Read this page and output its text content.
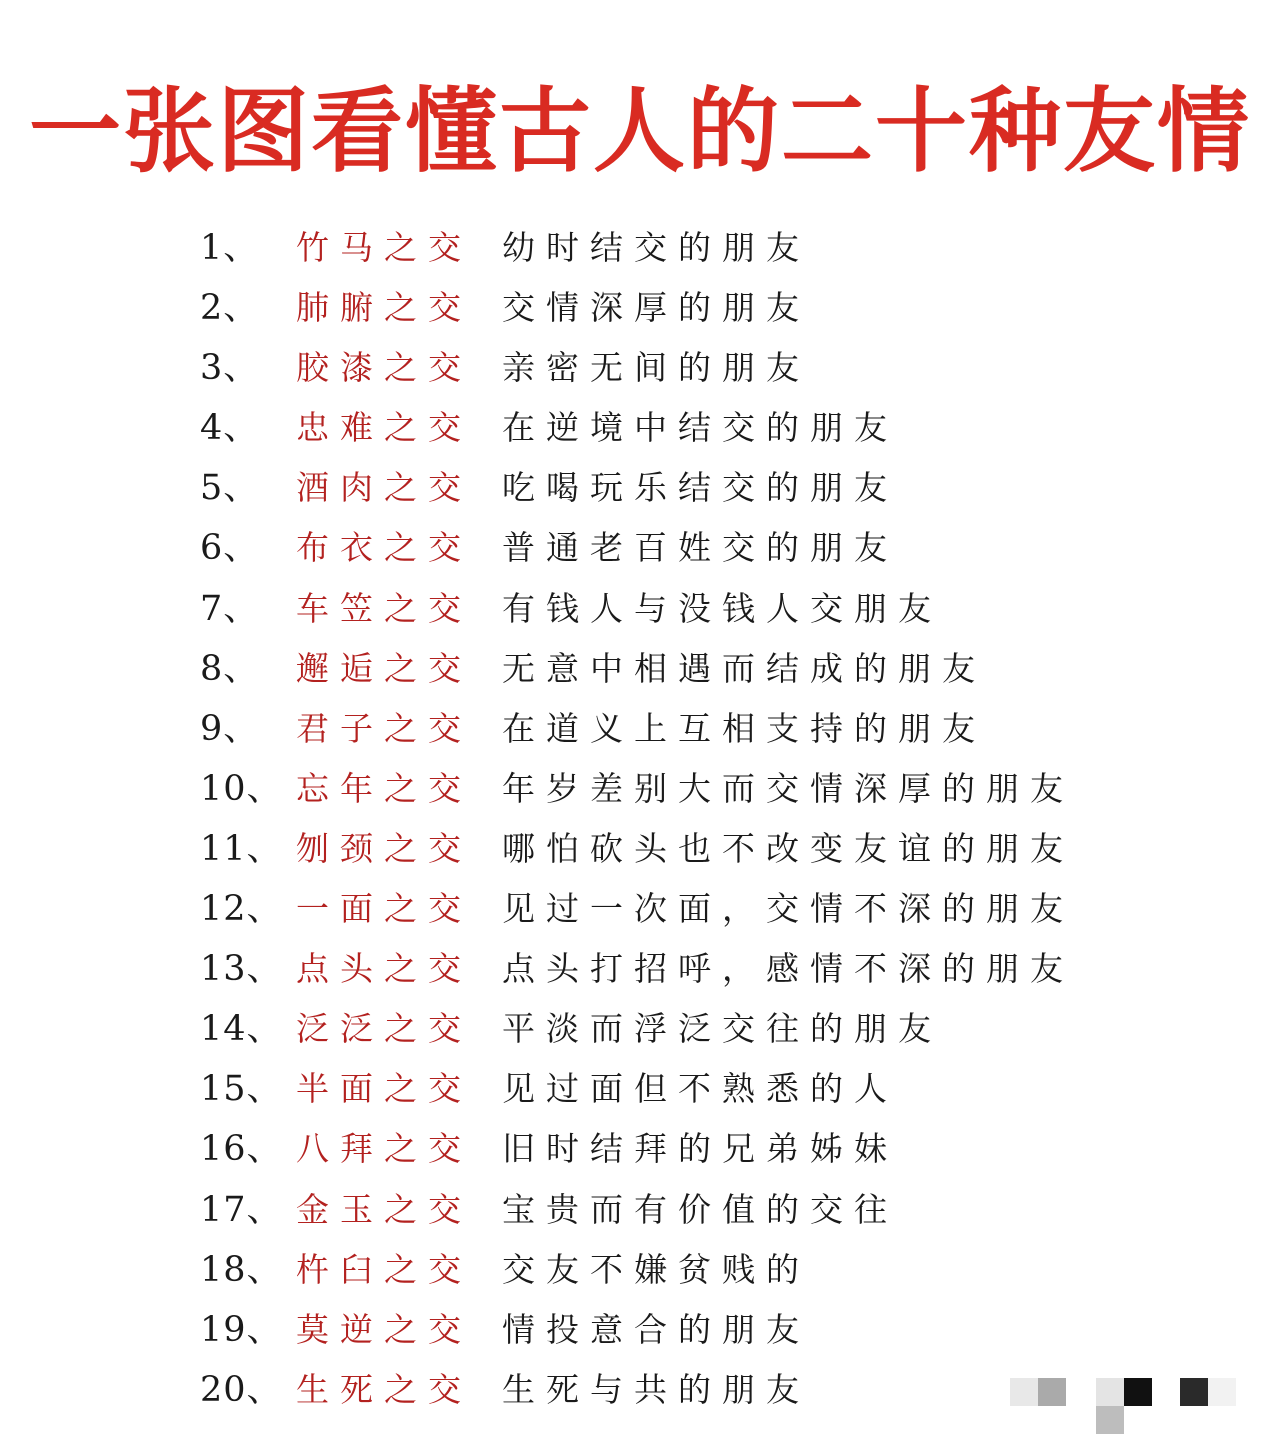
一张图看懂古人的二十种友情
1、	竹马之交 幼时结交的朋友
2、	肺腑之交 交情深厚的朋友
3、	胶漆之交 亲密无间的朋友
4、	忠难之交 在逆境中结交的朋友
5、	酒肉之交 吃喝玩乐结交的朋友
6、	布衣之交 普通老百姓交的朋友
7、	车笠之交 有钱人与没钱人交朋友
8、	邂逅之交 无意中相遇而结成的朋友
9、	君子之交 在道义上互相支持的朋友
10、 忘年之交 年岁差别大而交情深厚的朋友
11、 刎颈之交 哪怕砍头也不改变友谊的朋友
12、 一面之交 见过一次面，交情不深的朋友
13、 点头之交 点头打招呼，感情不深的朋友
14、 泛泛之交 平淡而浮泛交往的朋友
15、 半面之交 见过面但不熟悉的人
16、 八拜之交 旧时结拜的兄弟姊妹
17、 金玉之交 宝贵而有价值的交往
18、 杵臼之交 交友不嫌贫贱的
19、 莫逆之交 情投意合的朋友
20、 生死之交 生死与共的朋友
